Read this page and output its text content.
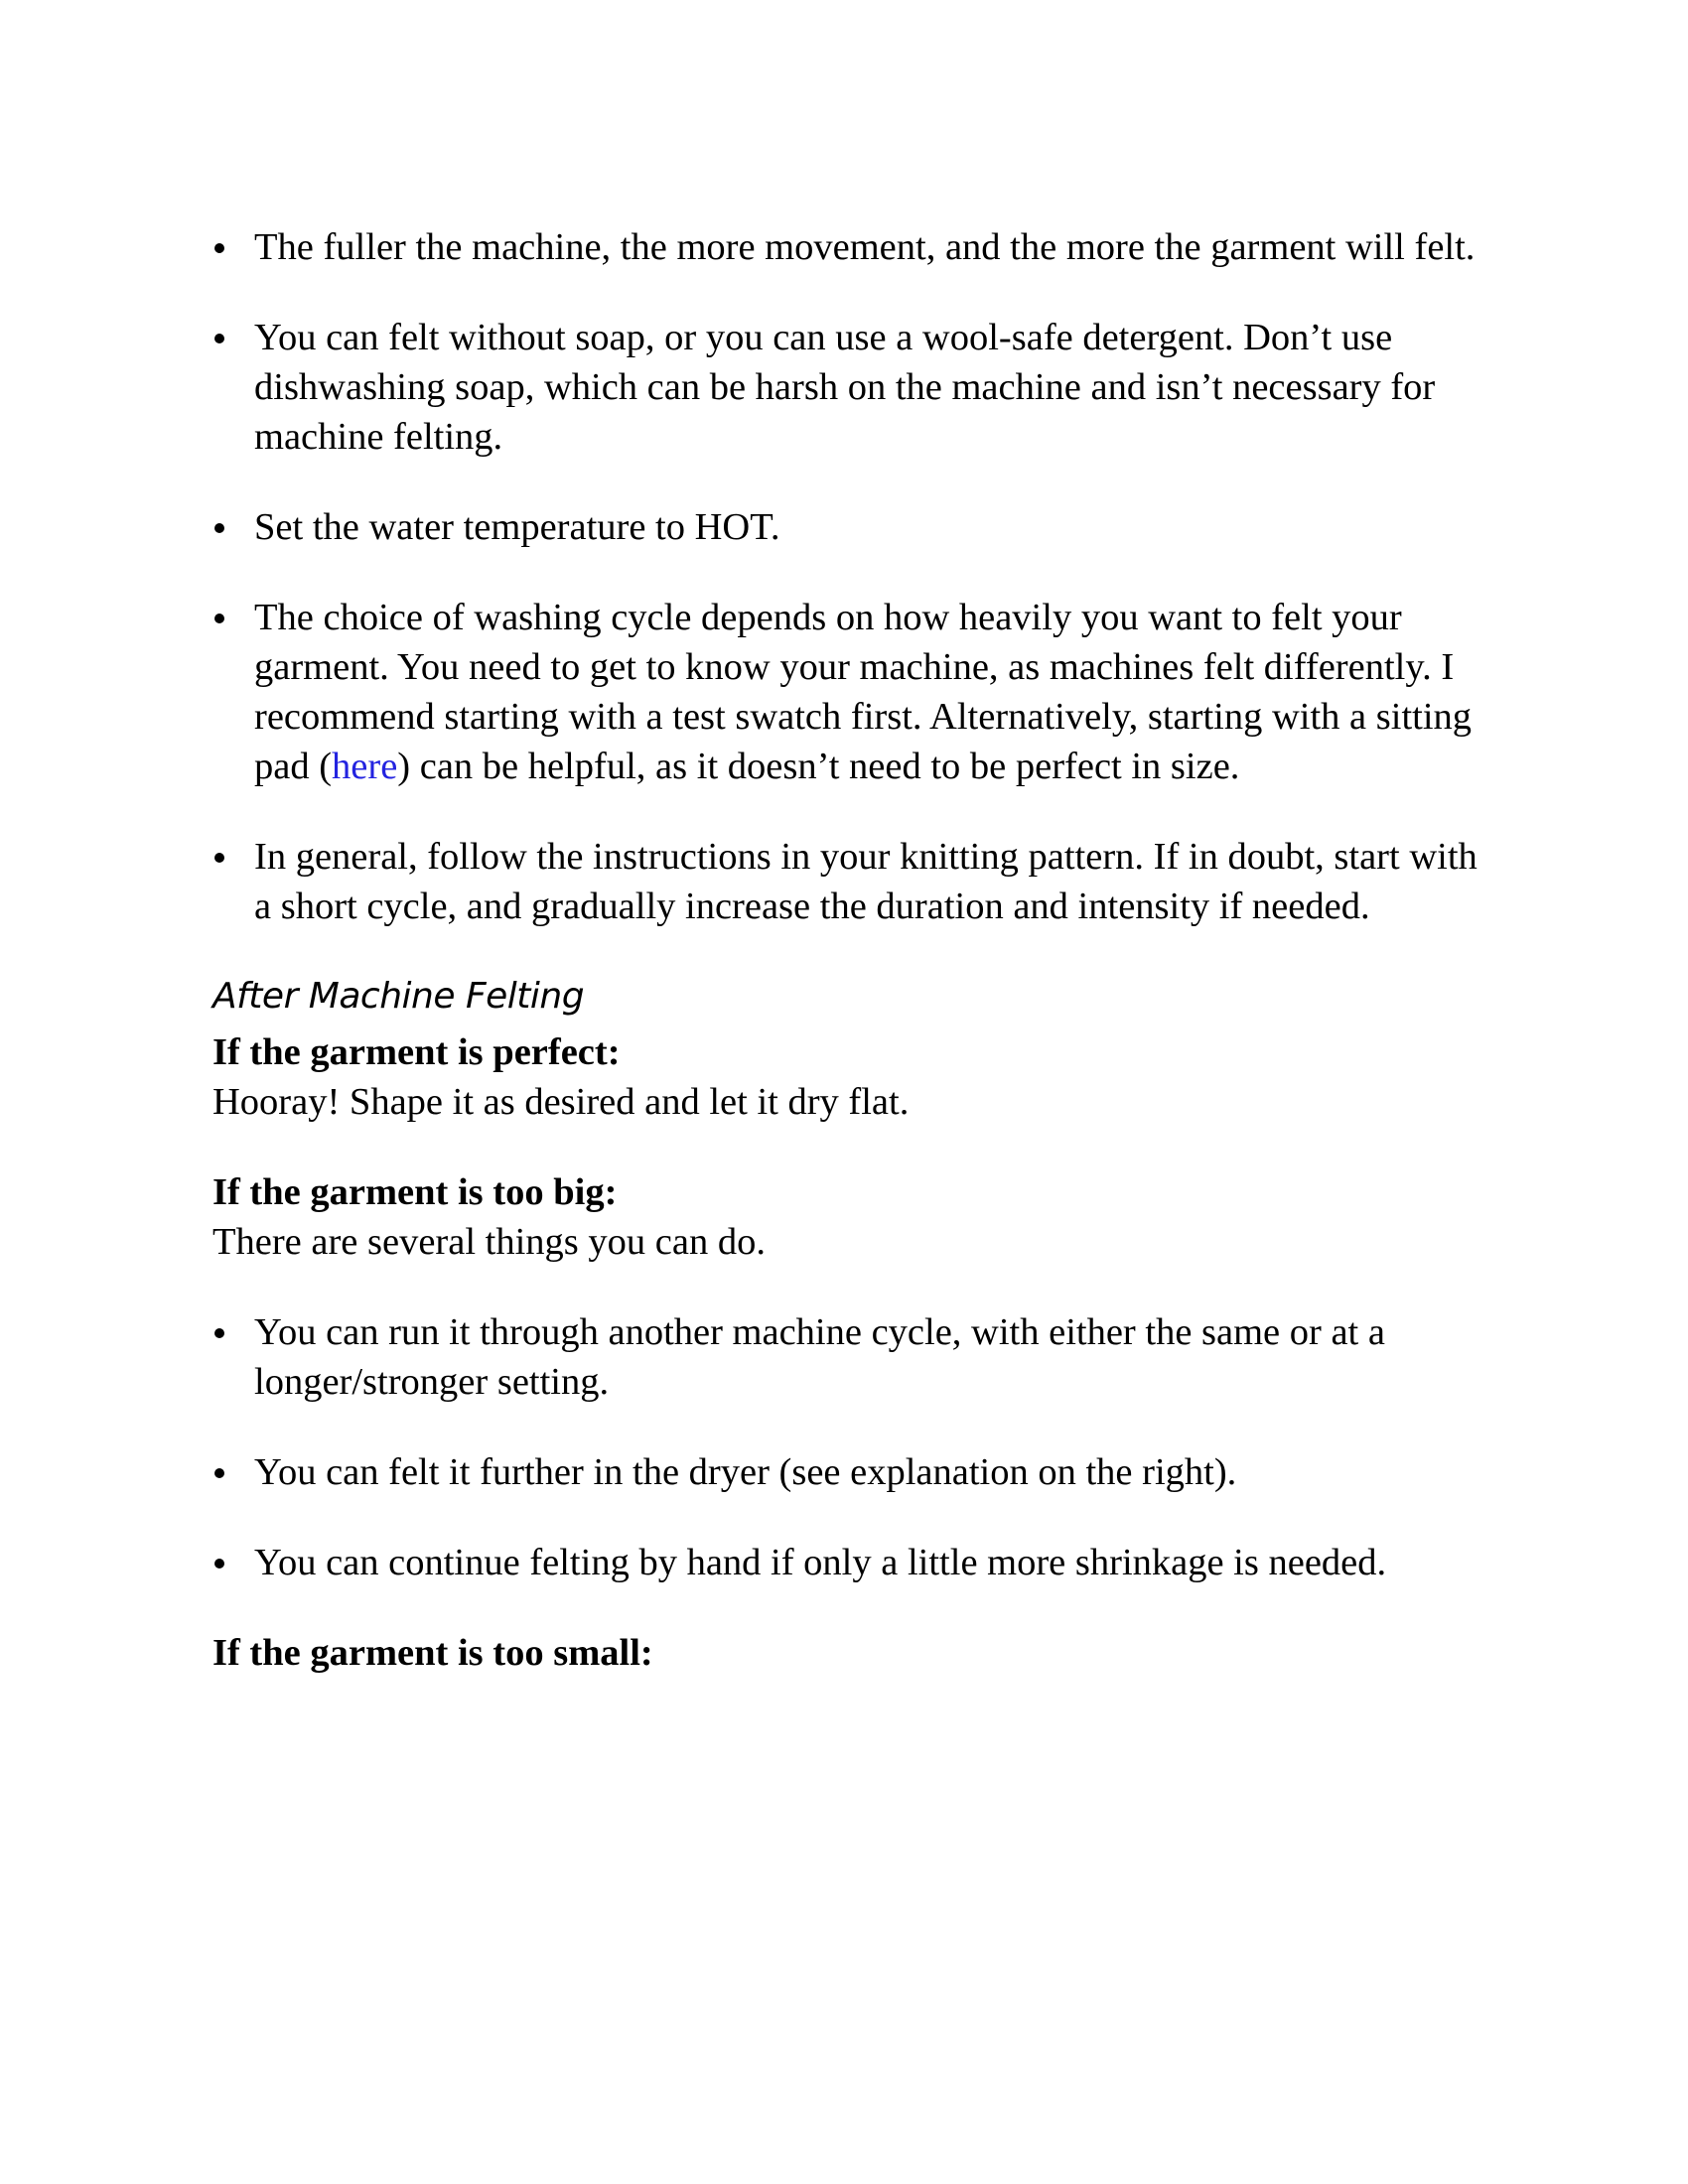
The fuller the machine, the more movement, and the more the garment will felt.
You can felt without soap, or you can use a wool-safe detergent. Don’t use dishwashing soap, which can be harsh on the machine and isn’t necessary for machine felting.
Set the water temperature to HOT.
The choice of washing cycle depends on how heavily you want to felt your garment. You need to get to know your machine, as machines felt differently. I recommend starting with a test swatch first. Alternatively, starting with a sitting pad (here) can be helpful, as it doesn’t need to be perfect in size.
In general, follow the instructions in your knitting pattern. If in doubt, start with a short cycle, and gradually increase the duration and intensity if needed.
After Machine Felting

If the garment is perfect:

Hooray! Shape it as desired and let it dry flat.

If the garment is too big:

There are several things you can do.

You can run it through another machine cycle, with either the same or at a longer/stronger setting.
You can felt it further in the dryer (see explanation on the right).
You can continue felting by hand if only a little more shrinkage is needed.

If the garment is too small:
